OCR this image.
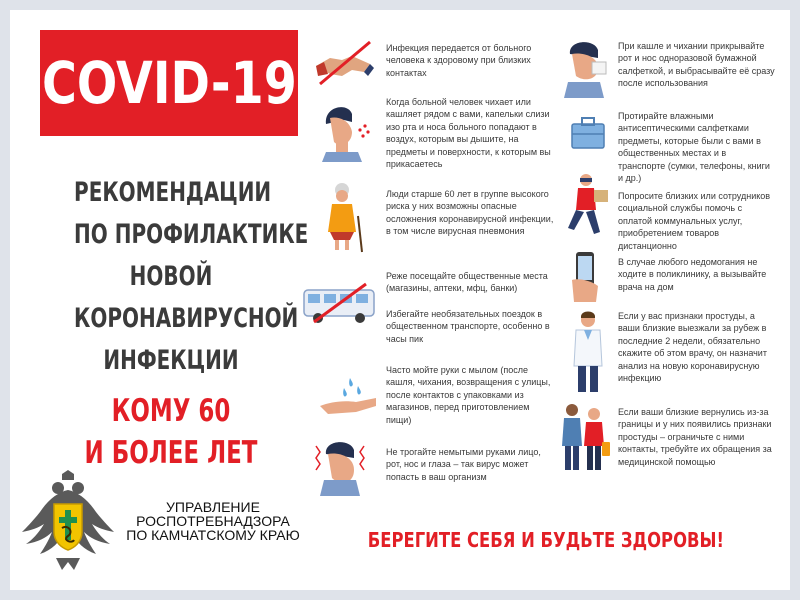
COVID-19
РЕКОМЕНДАЦИИ
ПО ПРОФИЛАКТИКЕ
НОВОЙ
КОРОНАВИРУСНОЙ
ИНФЕКЦИИ
КОМУ 60
И БОЛЕЕ ЛЕТ
УПРАВЛЕНИЕ
РОСПОТРЕБНАДЗОРА
ПО КАМЧАТСКОМУ КРАЮ
Инфекция передается от больного человека к здоровому при близких контактах
Когда больной человек чихает или кашляет рядом с вами, капельки слизи изо рта и носа больного попадают в воздух, которым вы дышите, на предметы и поверхности, к которым вы прикасаетесь
Люди старше 60 лет в группе высокого риска у них возможны опасные осложнения коронавирусной инфекции, в том числе вирусная пневмония
Реже посещайте общественные места (магазины, аптеки, мфц, банки)
Избегайте необязательных поездок в общественном транспорте, особенно в часы пик
Часто мойте руки с мылом (после кашля, чихания, возвращения с улицы, после контактов с упаковками из магазинов, перед приготовлением пищи)
Не трогайте немытыми руками лицо, рот, нос и глаза – так вирус может попасть в ваш организм
При кашле и чихании прикрывайте рот и нос одноразовой бумажной салфеткой, и выбрасывайте её сразу после использования
Протирайте влажными антисептическими салфетками предметы, которые были с вами в общественных местах и в транспорте (сумки, телефоны, книги и др.)
Попросите близких или сотрудников социальной службы помочь с оплатой коммунальных услуг, приобретением товаров дистанционно
В случае любого недомогания не ходите в поликлинику, а вызывайте врача на дом
Если у вас признаки простуды, а ваши близкие выезжали за рубеж в последние 2 недели, обязательно скажите об этом врачу, он назначит анализ на новую коронавирусную инфекцию
Если ваши близкие вернулись из-за границы и у них появились признаки простуды – ограничьте с ними контакты, требуйте их обращения за медицинской помощью
БЕРЕГИТЕ СЕБЯ И БУДЬТЕ ЗДОРОВЫ!
